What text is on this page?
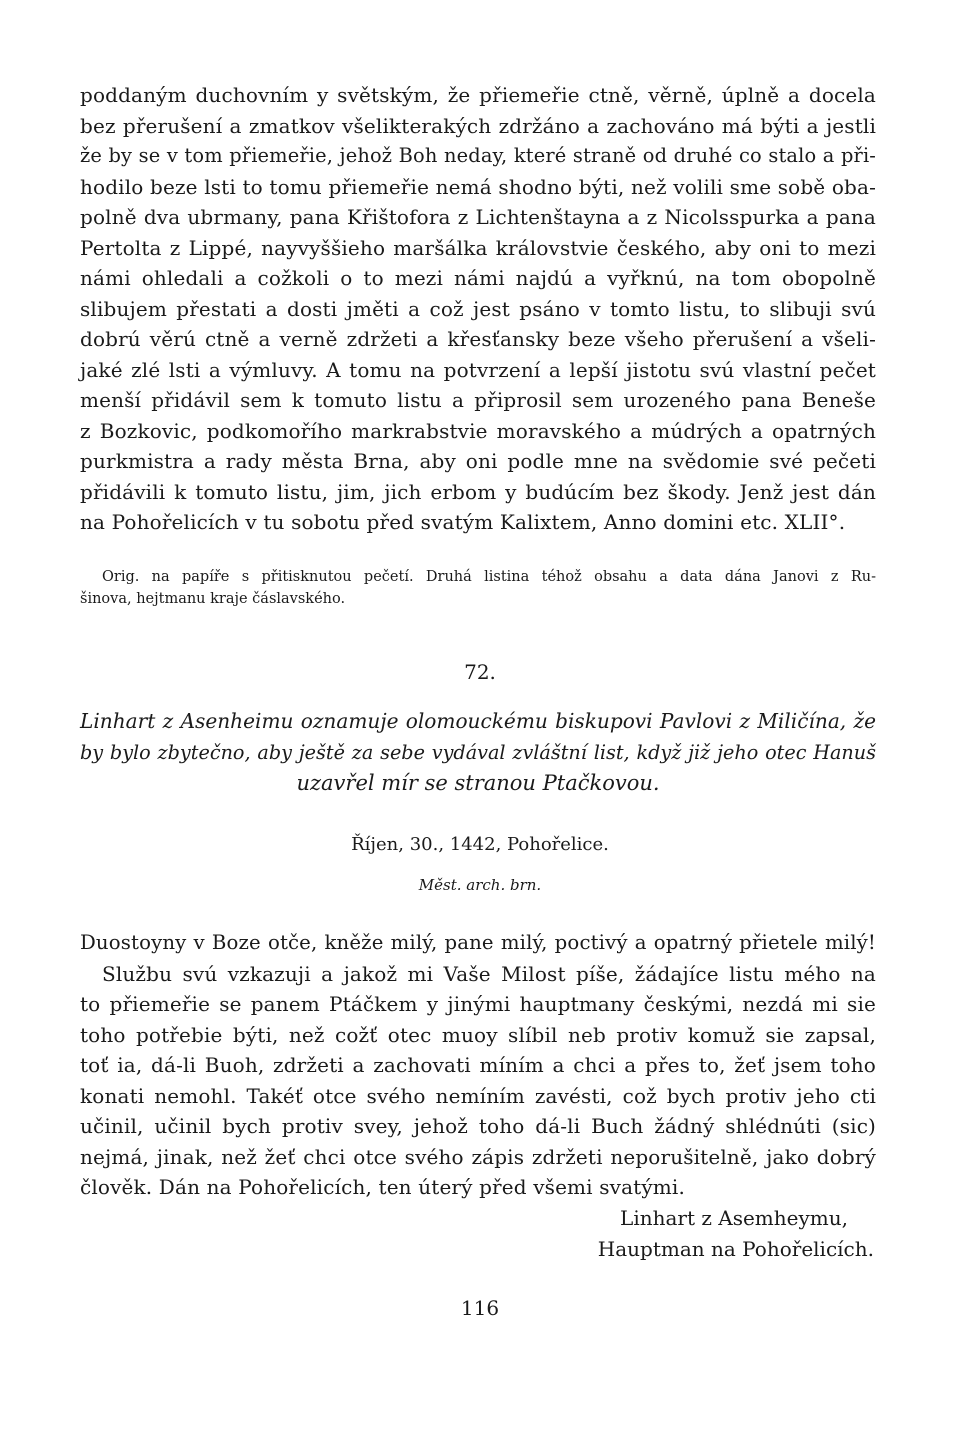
poddaným duchovním y světským, že přiemeřie ctně, věrně, úplně a docela
bez přerušení a zmatkov všelikterakých zdržáno a zachováno má býti a jestli
že by se v tom přiemeřie, jehož Boh neday, které straně od druhé co stalo a při-
hodilo beze lsti to tomu přiemeřie nemá shodno býti, než volili sme sobě oba-
polně dva ubrmany, pana Křištofora z Lichtenštayna a z Nicolsspurka a pana
Pertolta z Lippé, nayvyššieho maršálka královstvie českého, aby oni to mezi
námi ohledali a cožkoli o to mezi námi najdú a vyřknú, na tom obopolně
slibujem přestati a dosti jměti a což jest psáno v tomto listu, to slibuji svú
dobrú věrú ctně a verně zdržeti a křesťansky beze všeho přerušení a všeli-
jaké zlé lsti a výmluvy. A tomu na potvrzení a lepší jistotu svú vlastní pečet
menší přidávil sem k tomuto listu a připrosil sem urozeného pana Beneše
z Bozkovic, podkomořího markrabstvie moravského a múdrých a opatrných
purkmistra a rady města Brna, aby oni podle mne na svědomie své pečeti
přidávili k tomuto listu, jim, jich erbom y budúcím bez škody. Jenž jest dán
na Pohořelicích v tu sobotu před svatým Kalixtem, Anno domini etc. XLII°.
Orig. na papíře s přitisknutou pečetí. Druhá listina téhož obsahu a data dána Janovi z Ru-
šinova, hejtmanu kraje čáslavského.
72.
Linhart z Asenheimu oznamuje olomouckému biskupovi Pavlovi z Miličína, že
by bylo zbytečno, aby ještě za sebe vydával zvláštní list, když již jeho otec Hanuš
uzavřel mír se stranou Ptačkovou.
Říjen, 30., 1442, Pohořelice.
Měst. arch. brn.
Duostoyny v Boze otče, kněže milý, pane milý, poctivý a opatrný přietele milý!
Službu svú vzkazuji a jakož mi Vaše Milost píše, žádajíce listu mého na
to přiemeřie se panem Ptáčkem y jinými hauptmany českými, nezdá mi sie
toho potřebie býti, než cožť otec muoy slíbil neb protiv komuž sie zapsal,
toť ia, dá-li Buoh, zdržeti a zachovati míním a chci a přes to, žeť jsem toho
konati nemohl. Takéť otce svého nemíním zavésti, což bych protiv jeho cti
učinil, učinil bych protiv svey, jehož toho dá-li Buch žádný shlédnúti (sic)
nejmá, jinak, než žeť chci otce svého zápis zdržeti neporušitelně, jako dobrý
člověk. Dán na Pohořelicích, ten úterý před všemi svatými.
Linhart z Asemheymu,
Hauptman na Pohořelicích.
116
